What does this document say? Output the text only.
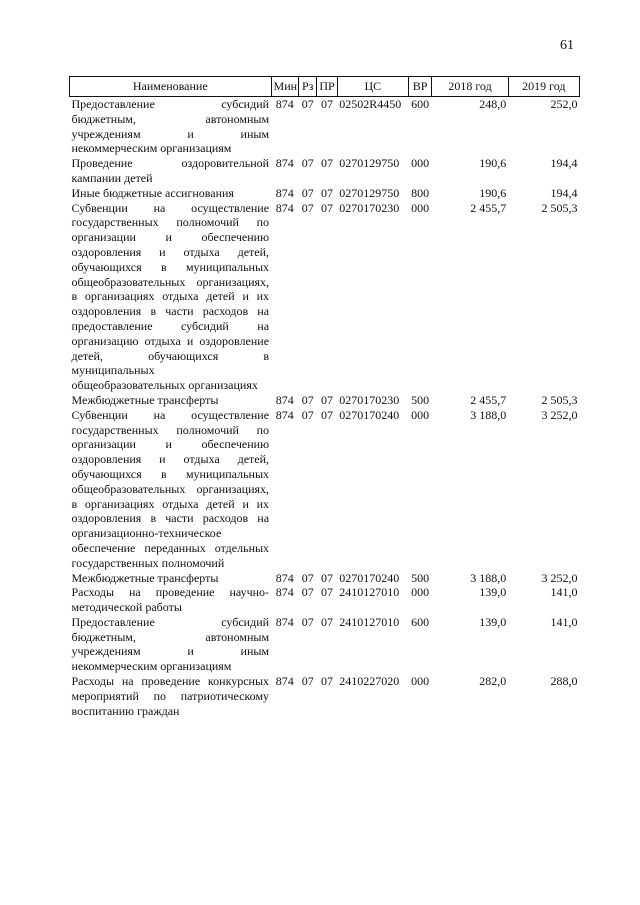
61
Наименование	Мин	Рз	ПР	ЦС	ВР	2018 год	2019 год
Предоставление субсидий бюджетным, автономным учреждениям и иным некоммерческим организациям	874	07	07	02502R4450	600	248,0	252,0
Проведение оздоровительной кампании детей	874	07	07	0270129750	000	190,6	194,4
Иные бюджетные ассигнования	874	07	07	0270129750	800	190,6	194,4
Субвенции на осуществление государственных полномочий по организации и обеспечению оздоровления и отдыха детей, обучающихся в муниципальных общеобразовательных организациях, в организациях отдыха детей и их оздоровления в части расходов на предоставление субсидий на организацию отдыха и оздоровление детей, обучающихся в муниципальных общеобразовательных организациях	874	07	07	0270170230	000	2 455,7	2 505,3
Межбюджетные трансферты	874	07	07	0270170230	500	2 455,7	2 505,3
Субвенции на осуществление государственных полномочий по организации и обеспечению оздоровления и отдыха детей, обучающихся в муниципальных общеобразовательных организациях, в организациях отдыха детей и их оздоровления в части расходов на организационно-техническое обеспечение переданных отдельных государственных полномочий	874	07	07	0270170240	000	3 188,0	3 252,0
Межбюджетные трансферты	874	07	07	0270170240	500	3 188,0	3 252,0
Расходы на проведение научно-методической работы	874	07	07	2410127010	000	139,0	141,0
Предоставление субсидий бюджетным, автономным учреждениям и иным некоммерческим организациям	874	07	07	2410127010	600	139,0	141,0
Расходы на проведение конкурсных мероприятий по патриотическому воспитанию граждан	874	07	07	2410227020	000	282,0	288,0
